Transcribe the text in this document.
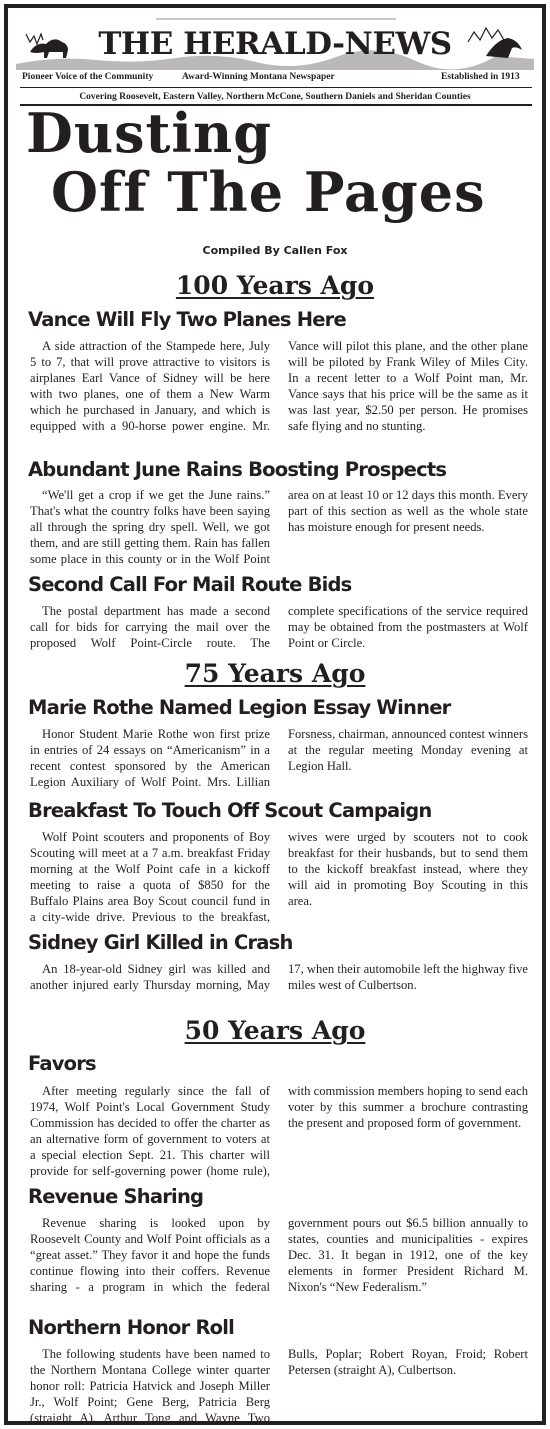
THE HERALD-NEWS
Pioneer Voice of the Community	Award-Winning Montana Newspaper	Established in 1913
Covering Roosevelt, Eastern Valley, Northern McCone, Southern Daniels and Sheridan Counties
Dusting
Off The Pages
Compiled By Callen Fox
100 Years Ago
Vance Will Fly Two Planes Here

A side attraction of the Stampede here, July 5 to 7, that will prove attractive to visitors is airplanes Earl Vance of Sidney will be here with two planes, one of them a New Warm which he purchased in January, and which is equipped with a 90-horse power engine. Mr. Vance will pilot this plane, and the other plane will be piloted by Frank Wiley of Miles City. In a recent letter to a Wolf Point man, Mr. Vance says that his price will be the same as it was last year, $2.50 per person. He promises safe flying and no stunting.

Abundant June Rains Boosting Prospects

“We'll get a crop if we get the June rains.” That's what the country folks have been saying all through the spring dry spell. Well, we got them, and are still getting them. Rain has fallen some place in this county or in the Wolf Point area on at least 10 or 12 days this month. Every part of this section as well as the whole state has moisture enough for present needs.

Second Call For Mail Route Bids

The postal department has made a second call for bids for carrying the mail over the proposed Wolf Point-Circle route. The complete specifications of the service required may be obtained from the postmasters at Wolf Point or Circle.

75 Years Ago
Marie Rothe Named Legion Essay Winner

Honor Student Marie Rothe won first prize in entries of 24 essays on “Americanism” in a recent contest sponsored by the American Legion Auxiliary of Wolf Point. Mrs. Lillian Forsness, chairman, announced contest winners at the regular meeting Monday evening at Legion Hall.

Breakfast To Touch Off Scout Campaign

Wolf Point scouters and proponents of Boy Scouting will meet at a 7 a.m. breakfast Friday morning at the Wolf Point cafe in a kickoff meeting to raise a quota of $850 for the Buffalo Plains area Boy Scout council fund in a city-wide drive. Previous to the breakfast, wives were urged by scouters not to cook breakfast for their husbands, but to send them to the kickoff breakfast instead, where they will aid in promoting Boy Scouting in this area.

Sidney Girl Killed in Crash

An 18-year-old Sidney girl was killed and another injured early Thursday morning, May 17, when their automobile left the highway five miles west of Culbertson.

50 Years Ago
Favors

After meeting regularly since the fall of 1974, Wolf Point's Local Government Study Commission has decided to offer the charter as an alternative form of government to voters at a special election Sept. 21. This charter will provide for self-governing power (home rule), with commission members hoping to send each voter by this summer a brochure contrasting the present and proposed form of government.

Revenue Sharing

Revenue sharing is looked upon by Roosevelt County and Wolf Point officials as a “great asset.” They favor it and hope the funds continue flowing into their coffers. Revenue sharing - a program in which the federal government pours out $6.5 billion annually to states, counties and municipalities - expires Dec. 31. It began in 1912, one of the key elements in former President Richard M. Nixon's “New Federalism.”

Northern Honor Roll

The following students have been named to the Northern Montana College winter quarter honor roll: Patricia Hatvick and Joseph Miller Jr., Wolf Point; Gene Berg, Patricia Berg (straight A), Arthur Tong and Wayne Two Bulls, Poplar; Robert Royan, Froid; Robert Petersen (straight A), Culbertson.
